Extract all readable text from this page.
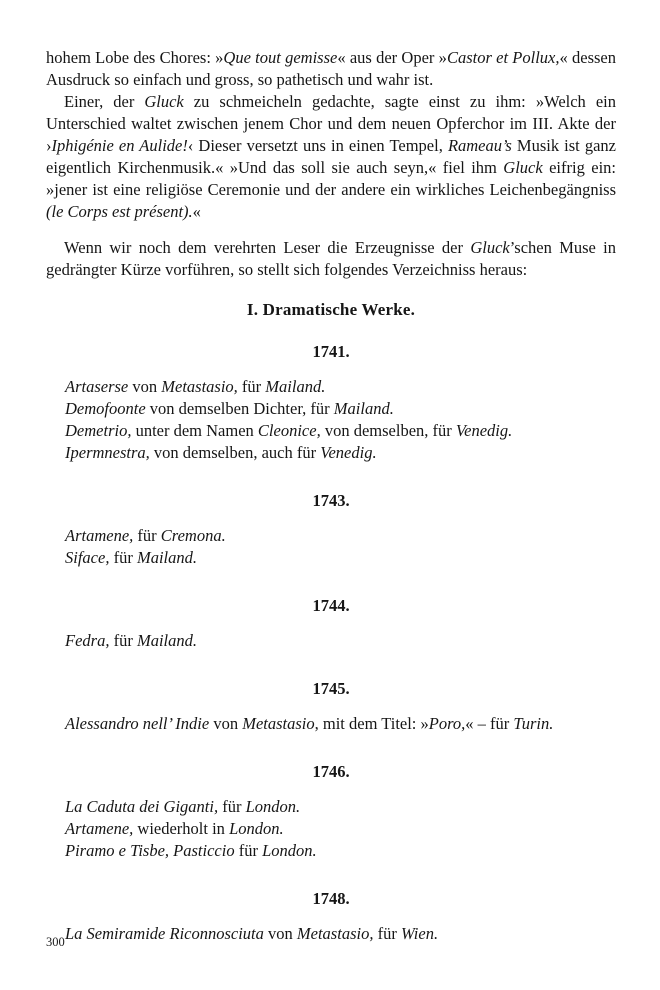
hohem Lobe des Chores: »Que tout gemisse« aus der Oper »Castor et Pollux,« dessen Ausdruck so einfach und gross, so pathetisch und wahr ist.

Einer, der Gluck zu schmeicheln gedachte, sagte einst zu ihm: »Welch ein Unterschied waltet zwischen jenem Chor und dem neuen Opferchor im III. Akte der ›Iphigénie en Aulide!‹ Dieser versetzt uns in einen Tempel, Rameau’s Musik ist ganz eigentlich Kirchenmusik.« »Und das soll sie auch seyn,« fiel ihm Gluck eifrig ein: »jener ist eine religiöse Ceremonie und der andere ein wirkliches Leichenbegängniss (le Corps est présent).«

Wenn wir noch dem verehrten Leser die Erzeugnisse der Gluck’schen Muse in gedrängter Kürze vorführen, so stellt sich folgendes Verzeichniss heraus:

I. Dramatische Werke.
1741.

Artaserse von Metastasio, für Mailand.

Demofoonte von demselben Dichter, für Mailand.

Demetrio, unter dem Namen Cleonice, von demselben, für Venedig.

Ipermnestra, von demselben, auch für Venedig.

1743.

Artamene, für Cremona.

Siface, für Mailand.

1744.

Fedra, für Mailand.

1745.

Alessandro nell’ Indie von Metastasio, mit dem Titel: »Poro,« – für Turin.

1746.

La Caduta dei Giganti, für London.

Artamene, wiederholt in London.

Piramo e Tisbe, Pasticcio für London.

1748.

La Semiramide Riconnosciuta von Metastasio, für Wien.

300
